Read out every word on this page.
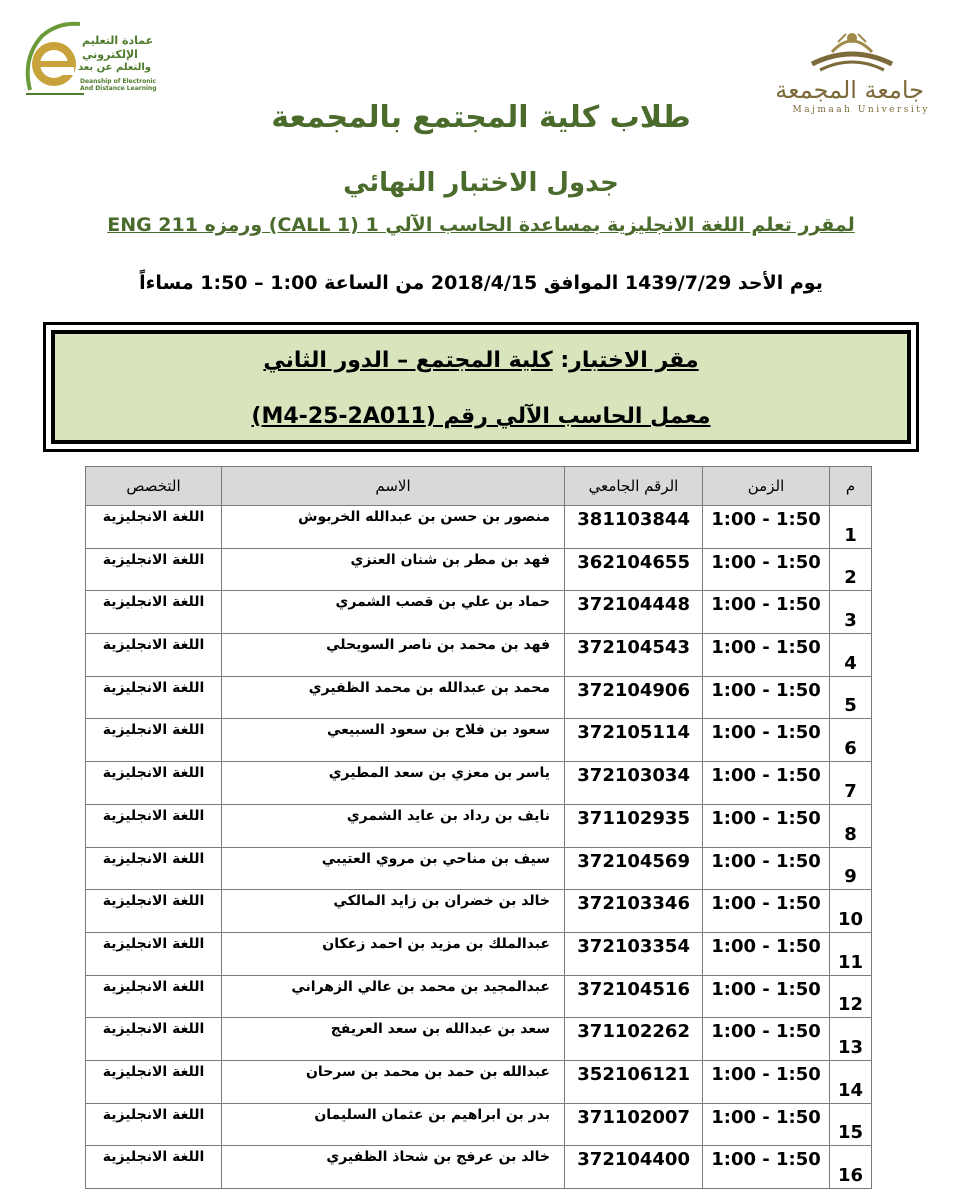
عمادة التعليم
الإلكتروني
والتعلم عن بعد
Deanship of Electronic
And Distance Learning	جامعة المجمعة
Majmaah University
طلاب كلية المجتمع بالمجمعة
جدول الاختبار النهائي
لمقرر تعلم اللغة الانجليزية بمساعدة الحاسب الآلي 1 (CALL 1) ورمزه ENG 211
يوم الأحد 1439/7/29 الموافق 2018/4/15 من الساعة 1:00 – 1:50 مساءاً
مقر الاختبار: كلية المجتمع – الدور الثاني
معمل الحاسب الآلي رقم (M4-25-2A011)
م	الزمن	الرقم الجامعي	الاسم	التخصص
1	1:00 - 1:50	381103844	منصور بن حسن بن عبدالله الخربوش	اللغة الانجليزية
2	1:00 - 1:50	362104655	فهد بن مطر بن شنان العنزي	اللغة الانجليزية
3	1:00 - 1:50	372104448	حماد بن علي بن قصب الشمري	اللغة الانجليزية
4	1:00 - 1:50	372104543	فهد بن محمد بن ناصر السويحلي	اللغة الانجليزية
5	1:00 - 1:50	372104906	محمد بن عبدالله بن محمد الظفيري	اللغة الانجليزية
6	1:00 - 1:50	372105114	سعود بن فلاح بن سعود السبيعي	اللغة الانجليزية
7	1:00 - 1:50	372103034	ياسر بن معزي بن سعد المطيري	اللغة الانجليزية
8	1:00 - 1:50	371102935	نايف بن رداد بن عايد الشمري	اللغة الانجليزية
9	1:00 - 1:50	372104569	سيف بن مناحي بن مروي العتيبي	اللغة الانجليزية
10	1:00 - 1:50	372103346	خالد بن خضران بن زايد المالكي	اللغة الانجليزية
11	1:00 - 1:50	372103354	عبدالملك بن مزيد بن احمد زعكان	اللغة الانجليزية
12	1:00 - 1:50	372104516	عبدالمجيد بن محمد بن عالي الزهراني	اللغة الانجليزية
13	1:00 - 1:50	371102262	سعد بن عبدالله بن سعد العريفج	اللغة الانجليزية
14	1:00 - 1:50	352106121	عبدالله بن حمد بن محمد بن سرحان	اللغة الانجليزية
15	1:00 - 1:50	371102007	بدر بن ابراهيم بن عثمان السليمان	اللغة الانجليزية
16	1:00 - 1:50	372104400	خالد بن عرفج بن شحاذ الظفيري	اللغة الانجليزية
